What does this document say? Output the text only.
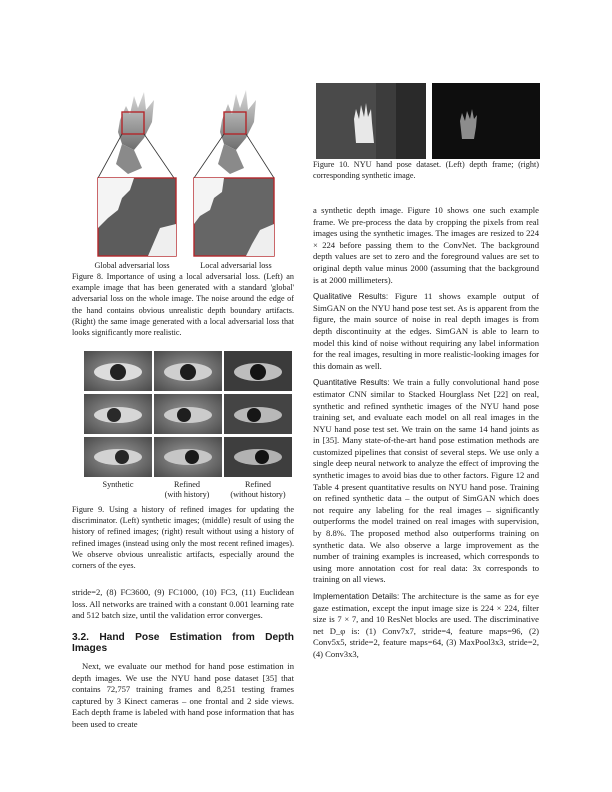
Global adversarial loss	Local adversarial loss

Figure 8. Importance of using a local adversarial loss. (Left) an example image that has been generated with a standard 'global' adversarial loss on the whole image. The noise around the edge of the hand contains obvious unrealistic depth boundary artifacts. (Right) the same image generated with a local adversarial loss that looks significantly more realistic.

Synthetic	Refined
(with history)
Refined
(without history)

Figure 9. Using a history of refined images for updating the discriminator. (Left) synthetic images; (middle) result of using the history of refined images; (right) result without using a history of refined images (instead using only the most recent refined images). We observe obvious unrealistic artifacts, especially around the corners of the eyes.

stride=2, (8) FC3600, (9) FC1000, (10) FC3, (11) Euclidean loss. All networks are trained with a constant 0.001 learning rate and 512 batch size, until the validation error converges.

3.2. Hand Pose Estimation from Depth Images

Next, we evaluate our method for hand pose estimation in depth images. We use the NYU hand pose dataset [35] that contains 72,757 training frames and 8,251 testing frames captured by 3 Kinect cameras – one frontal and 2 side views. Each depth frame is labeled with hand pose information that has been used to create

Figure 10. NYU hand pose dataset. (Left) depth frame; (right) corresponding synthetic image.

a synthetic depth image. Figure 10 shows one such example frame. We pre-process the data by cropping the pixels from real images using the synthetic images. The images are resized to 224 × 224 before passing them to the ConvNet. The background depth values are set to zero and the foreground values are set to original depth value minus 2000 (assuming that the background is at 2000 millimeters).

Qualitative Results: Figure 11 shows example output of SimGAN on the NYU hand pose test set. As is apparent from the figure, the main source of noise in real depth images is from depth discontinuity at the edges. SimGAN is able to learn to model this kind of noise without requiring any label information for the real images, resulting in more realistic-looking images for this domain as well.

Quantitative Results: We train a fully convolutional hand pose estimator CNN similar to Stacked Hourglass Net [22] on real, synthetic and refined synthetic images of the NYU hand pose training set, and evaluate each model on all real images in the NYU hand pose test set. We train on the same 14 hand joints as in [35]. Many state-of-the-art hand pose estimation methods are customized pipelines that consist of several steps. We use only a single deep neural network to analyze the effect of improving the synthetic images to avoid bias due to other factors. Figure 12 and Table 4 present quantitative results on NYU hand pose. Training on refined synthetic data – the output of SimGAN which does not require any labeling for the real images – significantly outperforms the model trained on real images with supervision, by 8.8%. The proposed method also outperforms training on synthetic data. We also observe a large improvement as the number of training examples is increased, which corresponds to using more annotation cost for real data: 3x corresponds to training on all views.

Implementation Details: The architecture is the same as for eye gaze estimation, except the input image size is 224 × 224, filter size is 7 × 7, and 10 ResNet blocks are used. The discriminative net D_φ is: (1) Conv7x7, stride=4, feature maps=96, (2) Conv5x5, stride=2, feature maps=64, (3) MaxPool3x3, stride=2, (4) Conv3x3,
